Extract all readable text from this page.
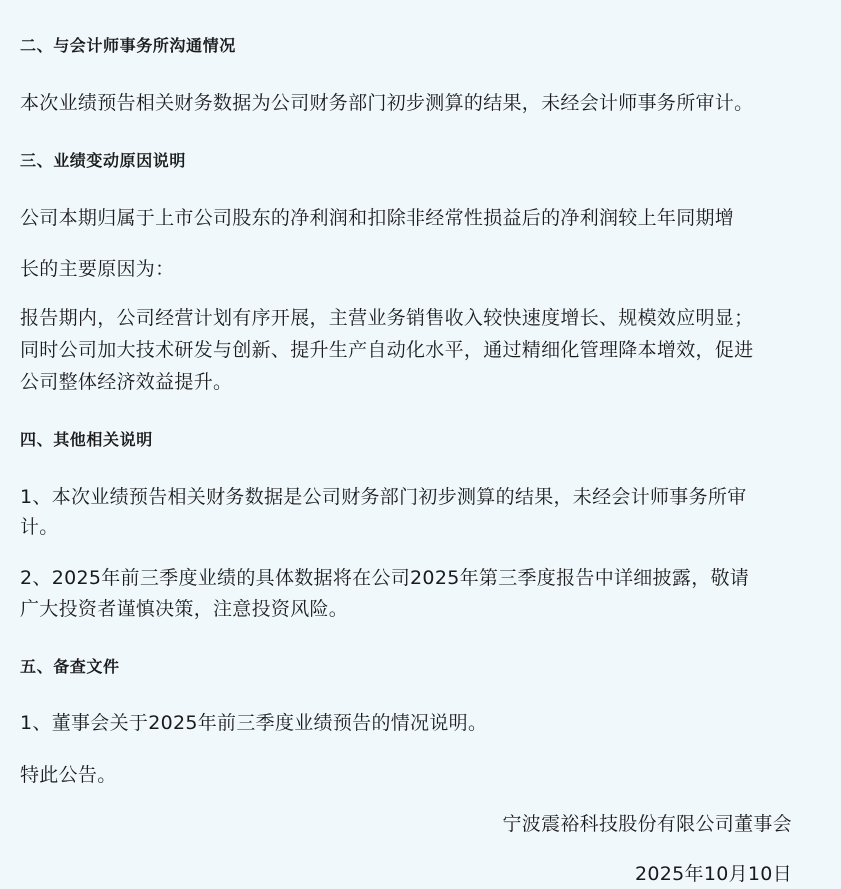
二、与会计师事务所沟通情况
本次业绩预告相关财务数据为公司财务部门初步测算的结果，未经会计师事务所审计。
三、业绩变动原因说明
公司本期归属于上市公司股东的净利润和扣除非经常性损益后的净利润较上年同期增
长的主要原因为：
报告期内，公司经营计划有序开展，主营业务销售收入较快速度增长、规模效应明显；
同时公司加大技术研发与创新、提升生产自动化水平，通过精细化管理降本增效，促进
公司整体经济效益提升。
四、其他相关说明
1、本次业绩预告相关财务数据是公司财务部门初步测算的结果，未经会计师事务所审
计。
2、2025年前三季度业绩的具体数据将在公司2025年第三季度报告中详细披露，敬请
广大投资者谨慎决策，注意投资风险。
五、备查文件
1、董事会关于2025年前三季度业绩预告的情况说明。
特此公告。
宁波震裕科技股份有限公司董事会
2025年10月10日
